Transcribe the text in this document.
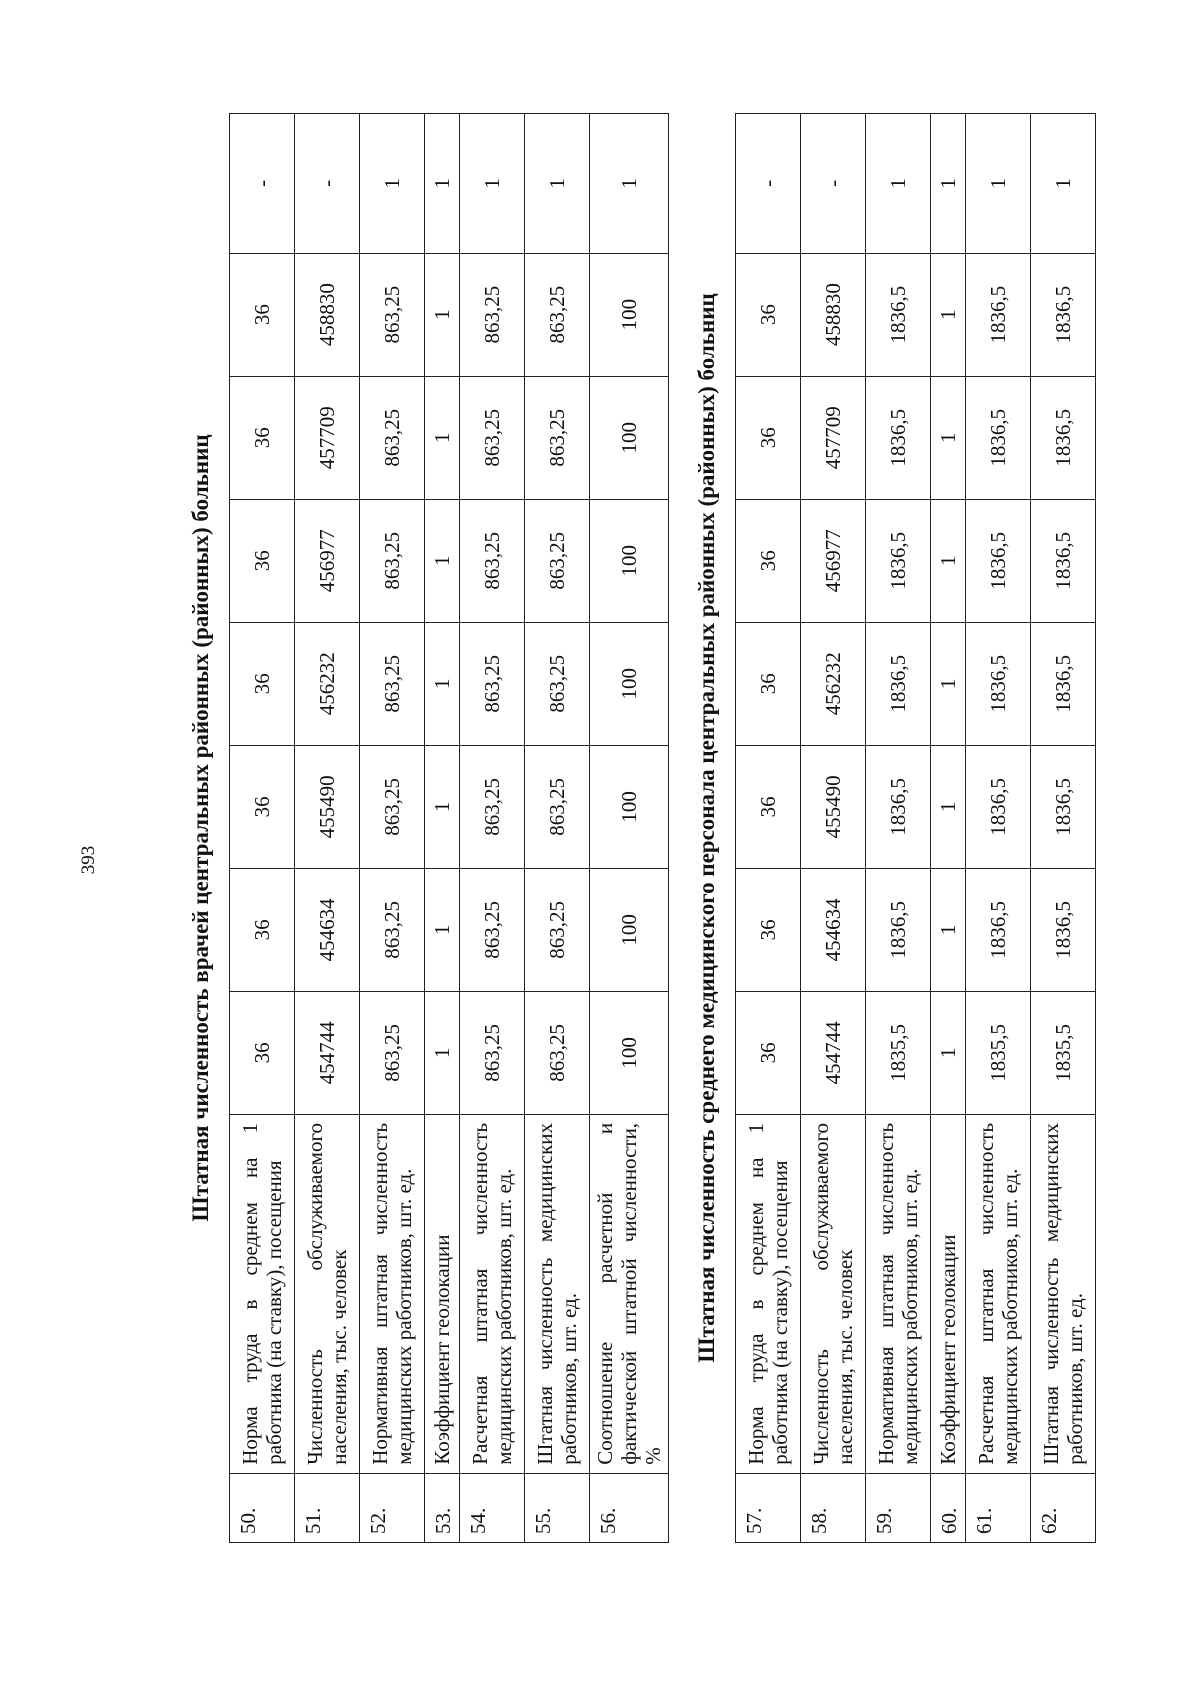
393	Штатная численность врачей центральных районных (районных) больниц
50.	Норма труда в среднем на 1 работника (на ставку), посещения	36	36	36	36	36	36	36	-
51.	Численность обслуживаемого населения, тыс. человек	454744	454634	455490	456232	456977	457709	458830	-
52.	Нормативная штатная численность медицинских работников, шт. ед.	863,25	863,25	863,25	863,25	863,25	863,25	863,25	1
53.	Коэффициент геолокации	1	1	1	1	1	1	1	1
54.	Расчетная штатная численность медицинских работников, шт. ед.	863,25	863,25	863,25	863,25	863,25	863,25	863,25	1
55.	Штатная численность медицинских работников, шт. ед.	863,25	863,25	863,25	863,25	863,25	863,25	863,25	1
56.	Соотношение расчетной и фактической штатной численности, %	100	100	100	100	100	100	100	1
Штатная численность среднего медицинского персонала центральных районных (районных) больниц
57.	Норма труда в среднем на 1 работника (на ставку), посещения	36	36	36	36	36	36	36	-
58.	Численность обслуживаемого населения, тыс. человек	454744	454634	455490	456232	456977	457709	458830	-
59.	Нормативная штатная численность медицинских работников, шт. ед.	1835,5	1836,5	1836,5	1836,5	1836,5	1836,5	1836,5	1
60.	Коэффициент геолокации	1	1	1	1	1	1	1	1
61.	Расчетная штатная численность медицинских работников, шт. ед.	1835,5	1836,5	1836,5	1836,5	1836,5	1836,5	1836,5	1
62.	Штатная численность медицинских работников, шт. ед.	1835,5	1836,5	1836,5	1836,5	1836,5	1836,5	1836,5	1
